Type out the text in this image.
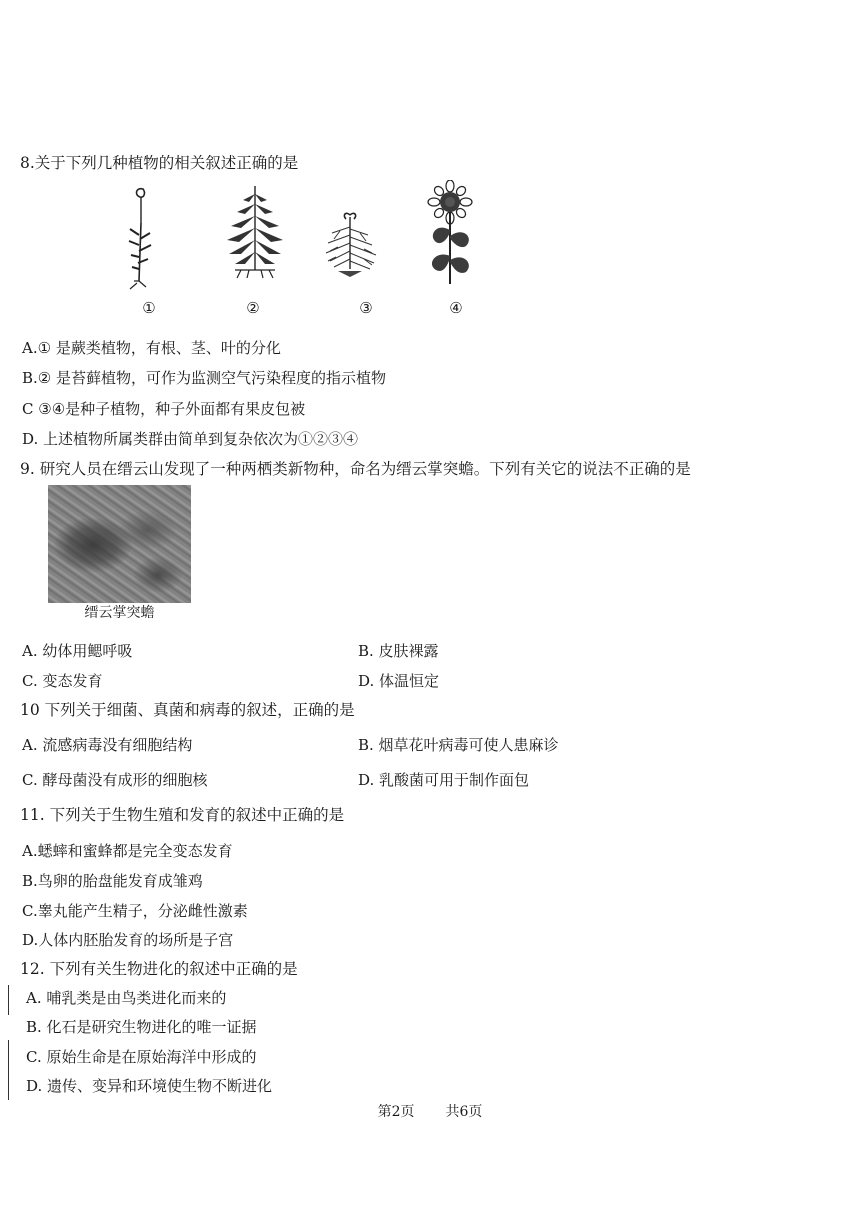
8.关于下列几种植物的相关叙述正确的是
①	②	③	④
A.① 是蕨类植物，有根、茎、叶的分化
B.② 是苔藓植物，可作为监测空气污染程度的指示植物
C ③④是种子植物，种子外面都有果皮包被
D. 上述植物所属类群由简单到复杂依次为①②③④
9. 研究人员在缙云山发现了一种两栖类新物种，命名为缙云掌突蟾。下列有关它的说法不正确的是
缙云掌突蟾
A. 幼体用鳃呼吸	B. 皮肤裸露
C. 变态发育	D. 体温恒定
10 下列关于细菌、真菌和病毒的叙述，正确的是
A. 流感病毒没有细胞结构	B. 烟草花叶病毒可使人患麻诊
C. 酵母菌没有成形的细胞核	D. 乳酸菌可用于制作面包
11. 下列关于生物生殖和发育的叙述中正确的是
A.蟋蟀和蜜蜂都是完全变态发育
B.鸟卵的胎盘能发育成雏鸡
C.睾丸能产生精子，分泌雌性激素
D.人体内胚胎发育的场所是子宫
12. 下列有关生物进化的叙述中正确的是
A. 哺乳类是由鸟类进化而来的
B. 化石是研究生物进化的唯一证据
C. 原始生命是在原始海洋中形成的
D. 遗传、变异和环境使生物不断进化
第2页 共6页
